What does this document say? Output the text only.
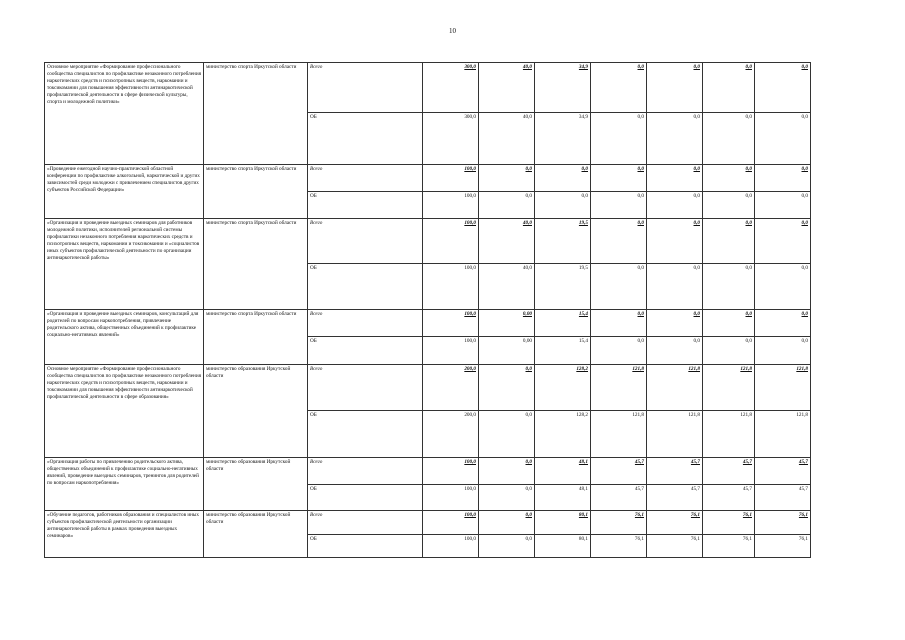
10
Основное мероприятие «Формирование профессионального сообщества специалистов по профилактике незаконного потребления наркотических средств и психотропных веществ, наркомании и токсикомании для повышения эффективности антинаркотической профилактической деятельности в сфере физической культуры, спорта и молодежной политики»	министерство спорта Иркутской области	Всего	300,0	40,0	34,9	0,0	0,0	0,0	0,0
		ОБ	300,0	40,0	34,9	0,0	0,0	0,0	0,0
«Проведение ежегодной научно-практической областной конференции по профилактике алкогольной, наркотической и других зависимостей среди молодежи с привлечением специалистов других субъектов Российской Федерации»	министерство спорта Иркутской области	Всего	100,0	0,0	0,0	0,0	0,0	0,0	0,0
		ОБ	100,0	0,0	0,0	0,0	0,0	0,0	0,0
«Организация и проведение выездных семинаров для работников молодежной политики, исполнителей региональной системы профилактики незаконного потребления наркотических средств и психотропных веществ, наркомании и токсикомании и «социалистов иных субъектов профилактической деятельности по организации антинаркотической работы»	министерство спорта Иркутской области	Всего	100,0	40,0	19,5	0,0	0,0	0,0	0,0
		ОБ	100,0	40,0	19,5	0,0	0,0	0,0	0,0
«Организация и проведение выездных семинаров, консультаций для родителей по вопросам наркопотребления, привлечение родительского актива, общественных объединений к профилактике социально-негативных явлений»	министерство спорта Иркутской области	Всего	100,0	0,00	15,4	0,0	0,0	0,0	0,0
		ОБ	100,0	0,00	15,4	0,0	0,0	0,0	0,0
Основное мероприятие «Формирование профессионального сообщества специалистов по профилактике незаконного потребления наркотических средств и психотропных веществ, наркомании и токсикомании для повышения эффективности антинаркотической профилактической деятельности в сфере образования»	министерство образования Иркутской области	Всего	200,0	0,0	128,2	121,8	121,8	121,8	121,8
		ОБ	200,0	0,0	128,2	121,8	121,8	121,8	121,8
«Организация работы по привлечению родительского актива, общественных объединений к профилактике социально-негативных явлений, проведение выездных семинаров, тренингов для родителей по вопросам наркопотребления»	министерство образования Иркутской области	Всего	100,0	0,0	48,1	45,7	45,7	45,7	45,7
		ОБ	100,0	0,0	48,1	45,7	45,7	45,7	45,7
«Обучение педагогов, работников образования и специалистов иных субъектов профилактической деятельности организации антинаркотической работы в рамках проведения выездных семинаров»	министерство образования Иркутской области	Всего	100,0	0,0	80,1	76,1	76,1	76,1	76,1
		ОБ	100,0	0,0	80,1	76,1	76,1	76,1	76,1
